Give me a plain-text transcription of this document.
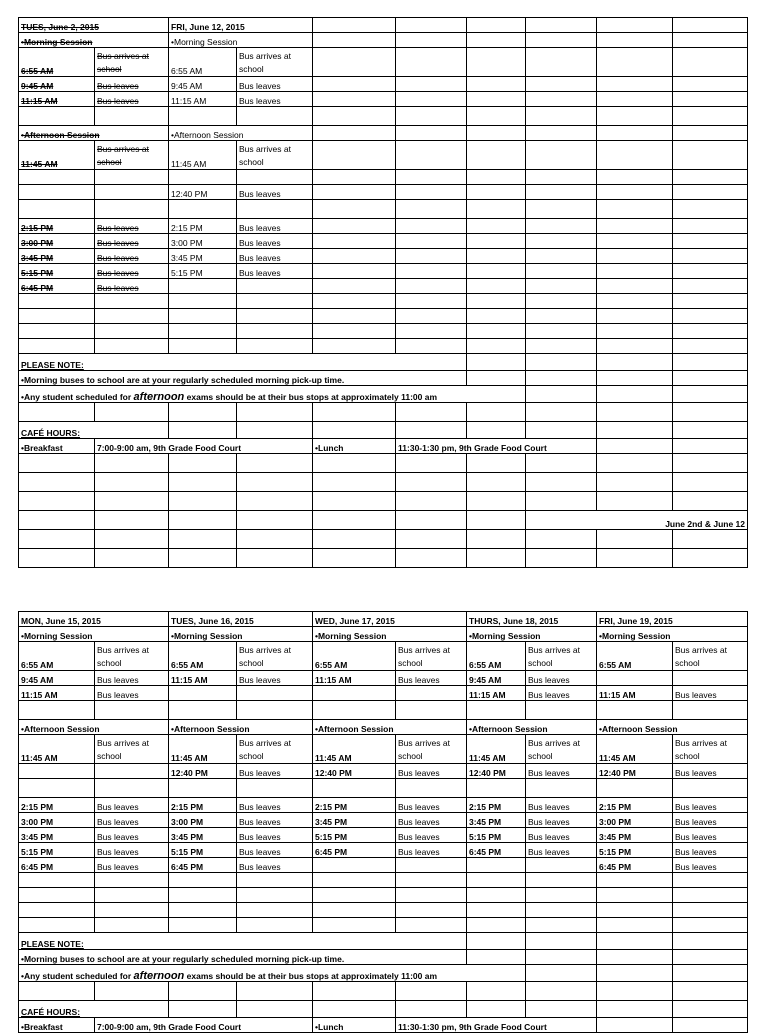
TUES, June 2, 2015		FRI, June 12, 2015							
•Morning Session		•Morning Session							
6:55 AM	Bus arrives at school	6:55 AM	Bus arrives at school						
9:45 AM	Bus leaves	9:45 AM	Bus leaves						
11:15 AM	Bus leaves	11:15 AM	Bus leaves						

•Afternoon Session		•Afternoon Session							
11:45 AM	Bus arrives at school	11:45 AM	Bus arrives at school						

		12:40 PM	Bus leaves						

2:15 PM	Bus leaves	2:15 PM	Bus leaves						
3:00 PM	Bus leaves	3:00 PM	Bus leaves						
3:45 PM	Bus leaves	3:45 PM	Bus leaves						
5:15 PM	Bus leaves	5:15 PM	Bus leaves						
6:45 PM	Bus leaves								

PLEASE NOTE:									
•Morning buses to school are at your regularly scheduled morning pick-up time.									
•Any student scheduled for afternoon exams should be at their bus stops at approximately 11:00 am									

CAFÉ HOURS:									
•Breakfast	7:00-9:00 am, 9th Grade Food Court			•Lunch	11:30-1:30 pm, 9th Grade Food Court				

							June 2nd & June 12		

MON, June 15, 2015		TUES, June 16, 2015		WED, June 17, 2015		THURS, June 18, 2015		FRI, June 19, 2015	
•Morning Session		•Morning Session		•Morning Session		•Morning Session		•Morning Session	
6:55 AM	Bus arrives at school	6:55 AM	Bus arrives at school	6:55 AM	Bus arrives at school	6:55 AM	Bus arrives at school	6:55 AM	Bus arrives at school
9:45 AM	Bus leaves	11:15 AM	Bus leaves	11:15 AM	Bus leaves	9:45 AM	Bus leaves		
11:15 AM	Bus leaves					11:15 AM	Bus leaves	11:15 AM	Bus leaves

•Afternoon Session		•Afternoon Session		•Afternoon Session		•Afternoon Session		•Afternoon Session	
11:45 AM	Bus arrives at school	11:45 AM	Bus arrives at school	11:45 AM	Bus arrives at school	11:45 AM	Bus arrives at school	11:45 AM	Bus arrives at school
		12:40 PM	Bus leaves	12:40 PM	Bus leaves	12:40 PM	Bus leaves	12:40 PM	Bus leaves

2:15 PM	Bus leaves	2:15 PM	Bus leaves	2:15 PM	Bus leaves	2:15 PM	Bus leaves	2:15 PM	Bus leaves
3:00 PM	Bus leaves	3:00 PM	Bus leaves	3:45 PM	Bus leaves	3:45 PM	Bus leaves	3:00 PM	Bus leaves
3:45 PM	Bus leaves	3:45 PM	Bus leaves	5:15 PM	Bus leaves	5:15 PM	Bus leaves	3:45 PM	Bus leaves
5:15 PM	Bus leaves	5:15 PM	Bus leaves	6:45 PM	Bus leaves	6:45 PM	Bus leaves	5:15 PM	Bus leaves
6:45 PM	Bus leaves	6:45 PM	Bus leaves					6:45 PM	Bus leaves

PLEASE NOTE:									
•Morning buses to school are at your regularly scheduled morning pick-up time.									
•Any student scheduled for afternoon exams should be at their bus stops at approximately 11:00 am									

CAFÉ HOURS:									
•Breakfast	7:00-9:00 am, 9th Grade Food Court			•Lunch	11:30-1:30 pm, 9th Grade Food Court				
